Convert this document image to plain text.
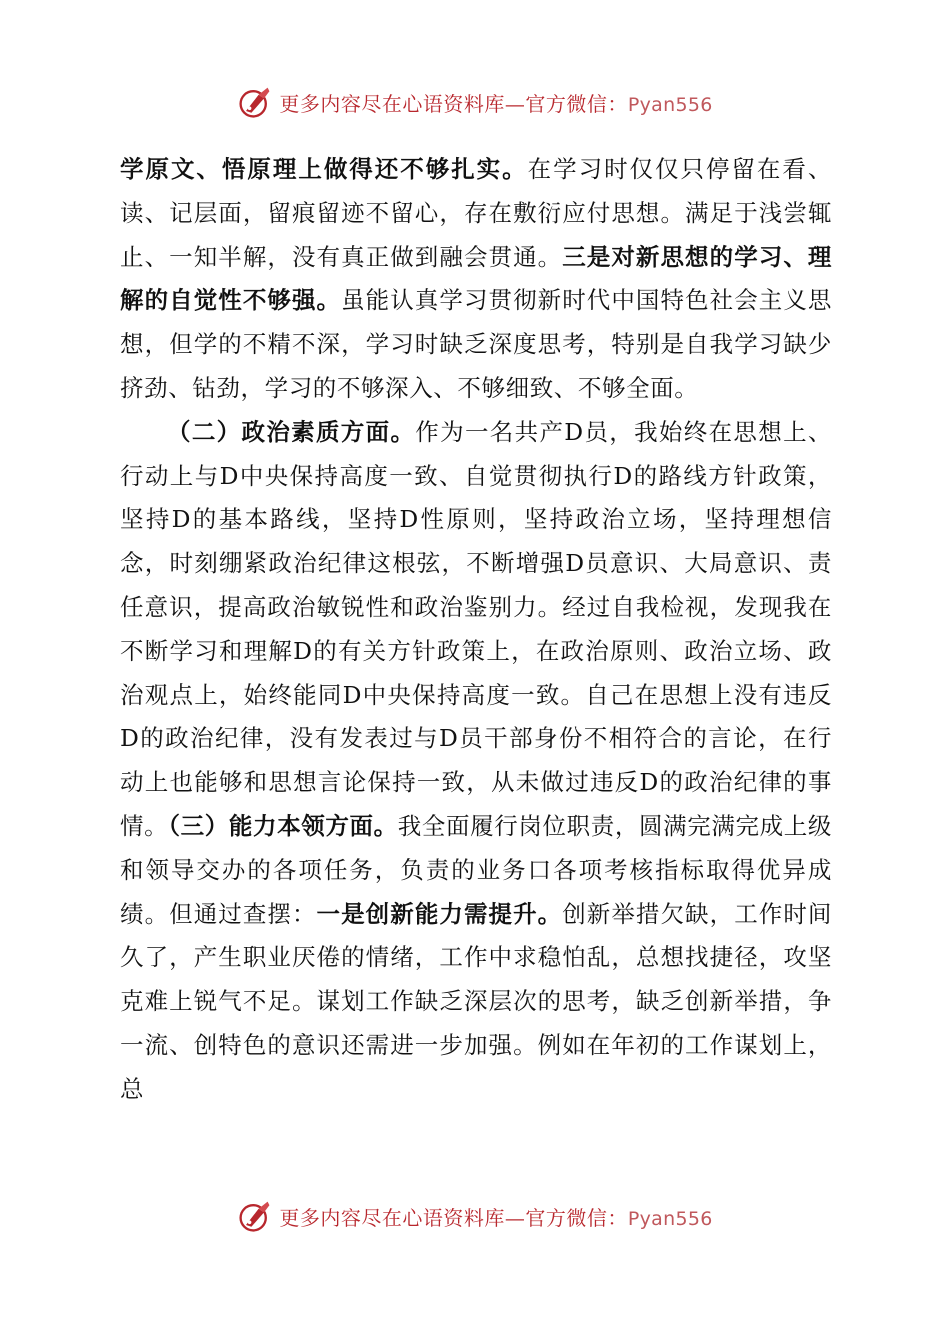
更多内容尽在心语资料库—官方微信：Pyan556

学原文、悟原理上做得还不够扎实。在学习时仅仅只停留在看、读、记层面，留痕留迹不留心，存在敷衍应付思想。满足于浅尝辄止、一知半解，没有真正做到融会贯通。三是对新思想的学习、理解的自觉性不够强。虽能认真学习贯彻新时代中国特色社会主义思想，但学的不精不深，学习时缺乏深度思考，特别是自我学习缺少挤劲、钻劲，学习的不够深入、不够细致、不够全面。

（二）政治素质方面。作为一名共产D员，我始终在思想上、行动上与D中央保持高度一致、自觉贯彻执行D的路线方针政策，坚持D的基本路线，坚持D性原则，坚持政治立场，坚持理想信念，时刻绷紧政治纪律这根弦，不断增强D员意识、大局意识、责任意识，提高政治敏锐性和政治鉴别力。经过自我检视，发现我在不断学习和理解D的有关方针政策上，在政治原则、政治立场、政治观点上，始终能同D中央保持高度一致。自己在思想上没有违反D的政治纪律，没有发表过与D员干部身份不相符合的言论，在行动上也能够和思想言论保持一致，从未做过违反D的政治纪律的事情。（三）能力本领方面。我全面履行岗位职责，圆满完满完成上级和领导交办的各项任务，负责的业务口各项考核指标取得优异成绩。但通过查摆：一是创新能力需提升。创新举措欠缺，工作时间久了，产生职业厌倦的情绪，工作中求稳怕乱，总想找捷径，攻坚克难上锐气不足。谋划工作缺乏深层次的思考，缺乏创新举措，争一流、创特色的意识还需进一步加强。例如在年初的工作谋划上，总

更多内容尽在心语资料库—官方微信：Pyan556
